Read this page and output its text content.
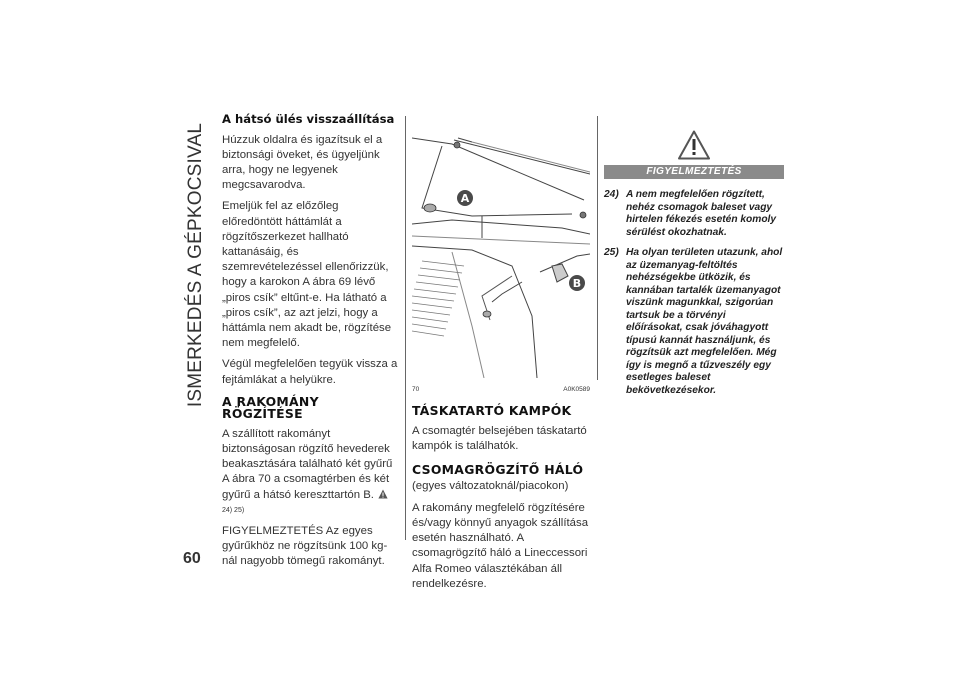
ISMERKEDÉS A GÉPKOCSIVAL
60
A hátsó ülés visszaállítása

Húzzuk oldalra és igazítsuk el a biztonsági öveket, és ügyeljünk arra, hogy ne legyenek megcsavarodva.

Emeljük fel az előzőleg előredöntött háttámlát a rögzítőszerkezet hallható kattanásáig, és szemrevételezéssel ellenőrizzük, hogy a karokon A ábra 69 lévő „piros csík” eltűnt-e. Ha látható a „piros csík”, az azt jelzi, hogy a háttámla nem akadt be, rögzítése nem megfelelő.

Végül megfelelően tegyük vissza a fejtámlákat a helyükre.

A RAKOMÁNY RÖGZÍTÉSE

A szállított rakományt biztonságosan rögzítő hevederek beakasztására található két gyűrű A ábra 70 a csomagtérben és két gyűrű a hátsó kereszttartón B.  24) 25)

FIGYELMEZTETÉS Az egyes gyűrűkhöz ne rögzítsünk 100 kg-nál nagyobb tömegű rakományt.

A
B
70	A0K0589
TÁSKATARTÓ KAMPÓK

A csomagtér belsejében táskatartó kampók is találhatók.

CSOMAGRÖGZÍTŐ HÁLÓ

(egyes változatoknál/piacokon)

A rakomány megfelelő rögzítésére és/vagy könnyű anyagok szállítása esetén használható. A csomagrögzítő háló a Lineccessori Alfa Romeo választékában áll rendelkezésre.

FIGYELMEZTETÉS
24) A nem megfelelően rögzített, nehéz csomagok baleset vagy hirtelen fékezés esetén komoly sérülést okozhatnak.
25) Ha olyan területen utazunk, ahol az üzemanyag-feltöltés nehézségekbe ütközik, és kannában tartalék üzemanyagot viszünk magunkkal, szigorúan tartsuk be a törvényi előírásokat, csak jóváhagyott típusú kannát használjunk, és rögzítsük azt megfelelően. Még így is megnő a tűzveszély egy esetleges baleset bekövetkezésekor.
